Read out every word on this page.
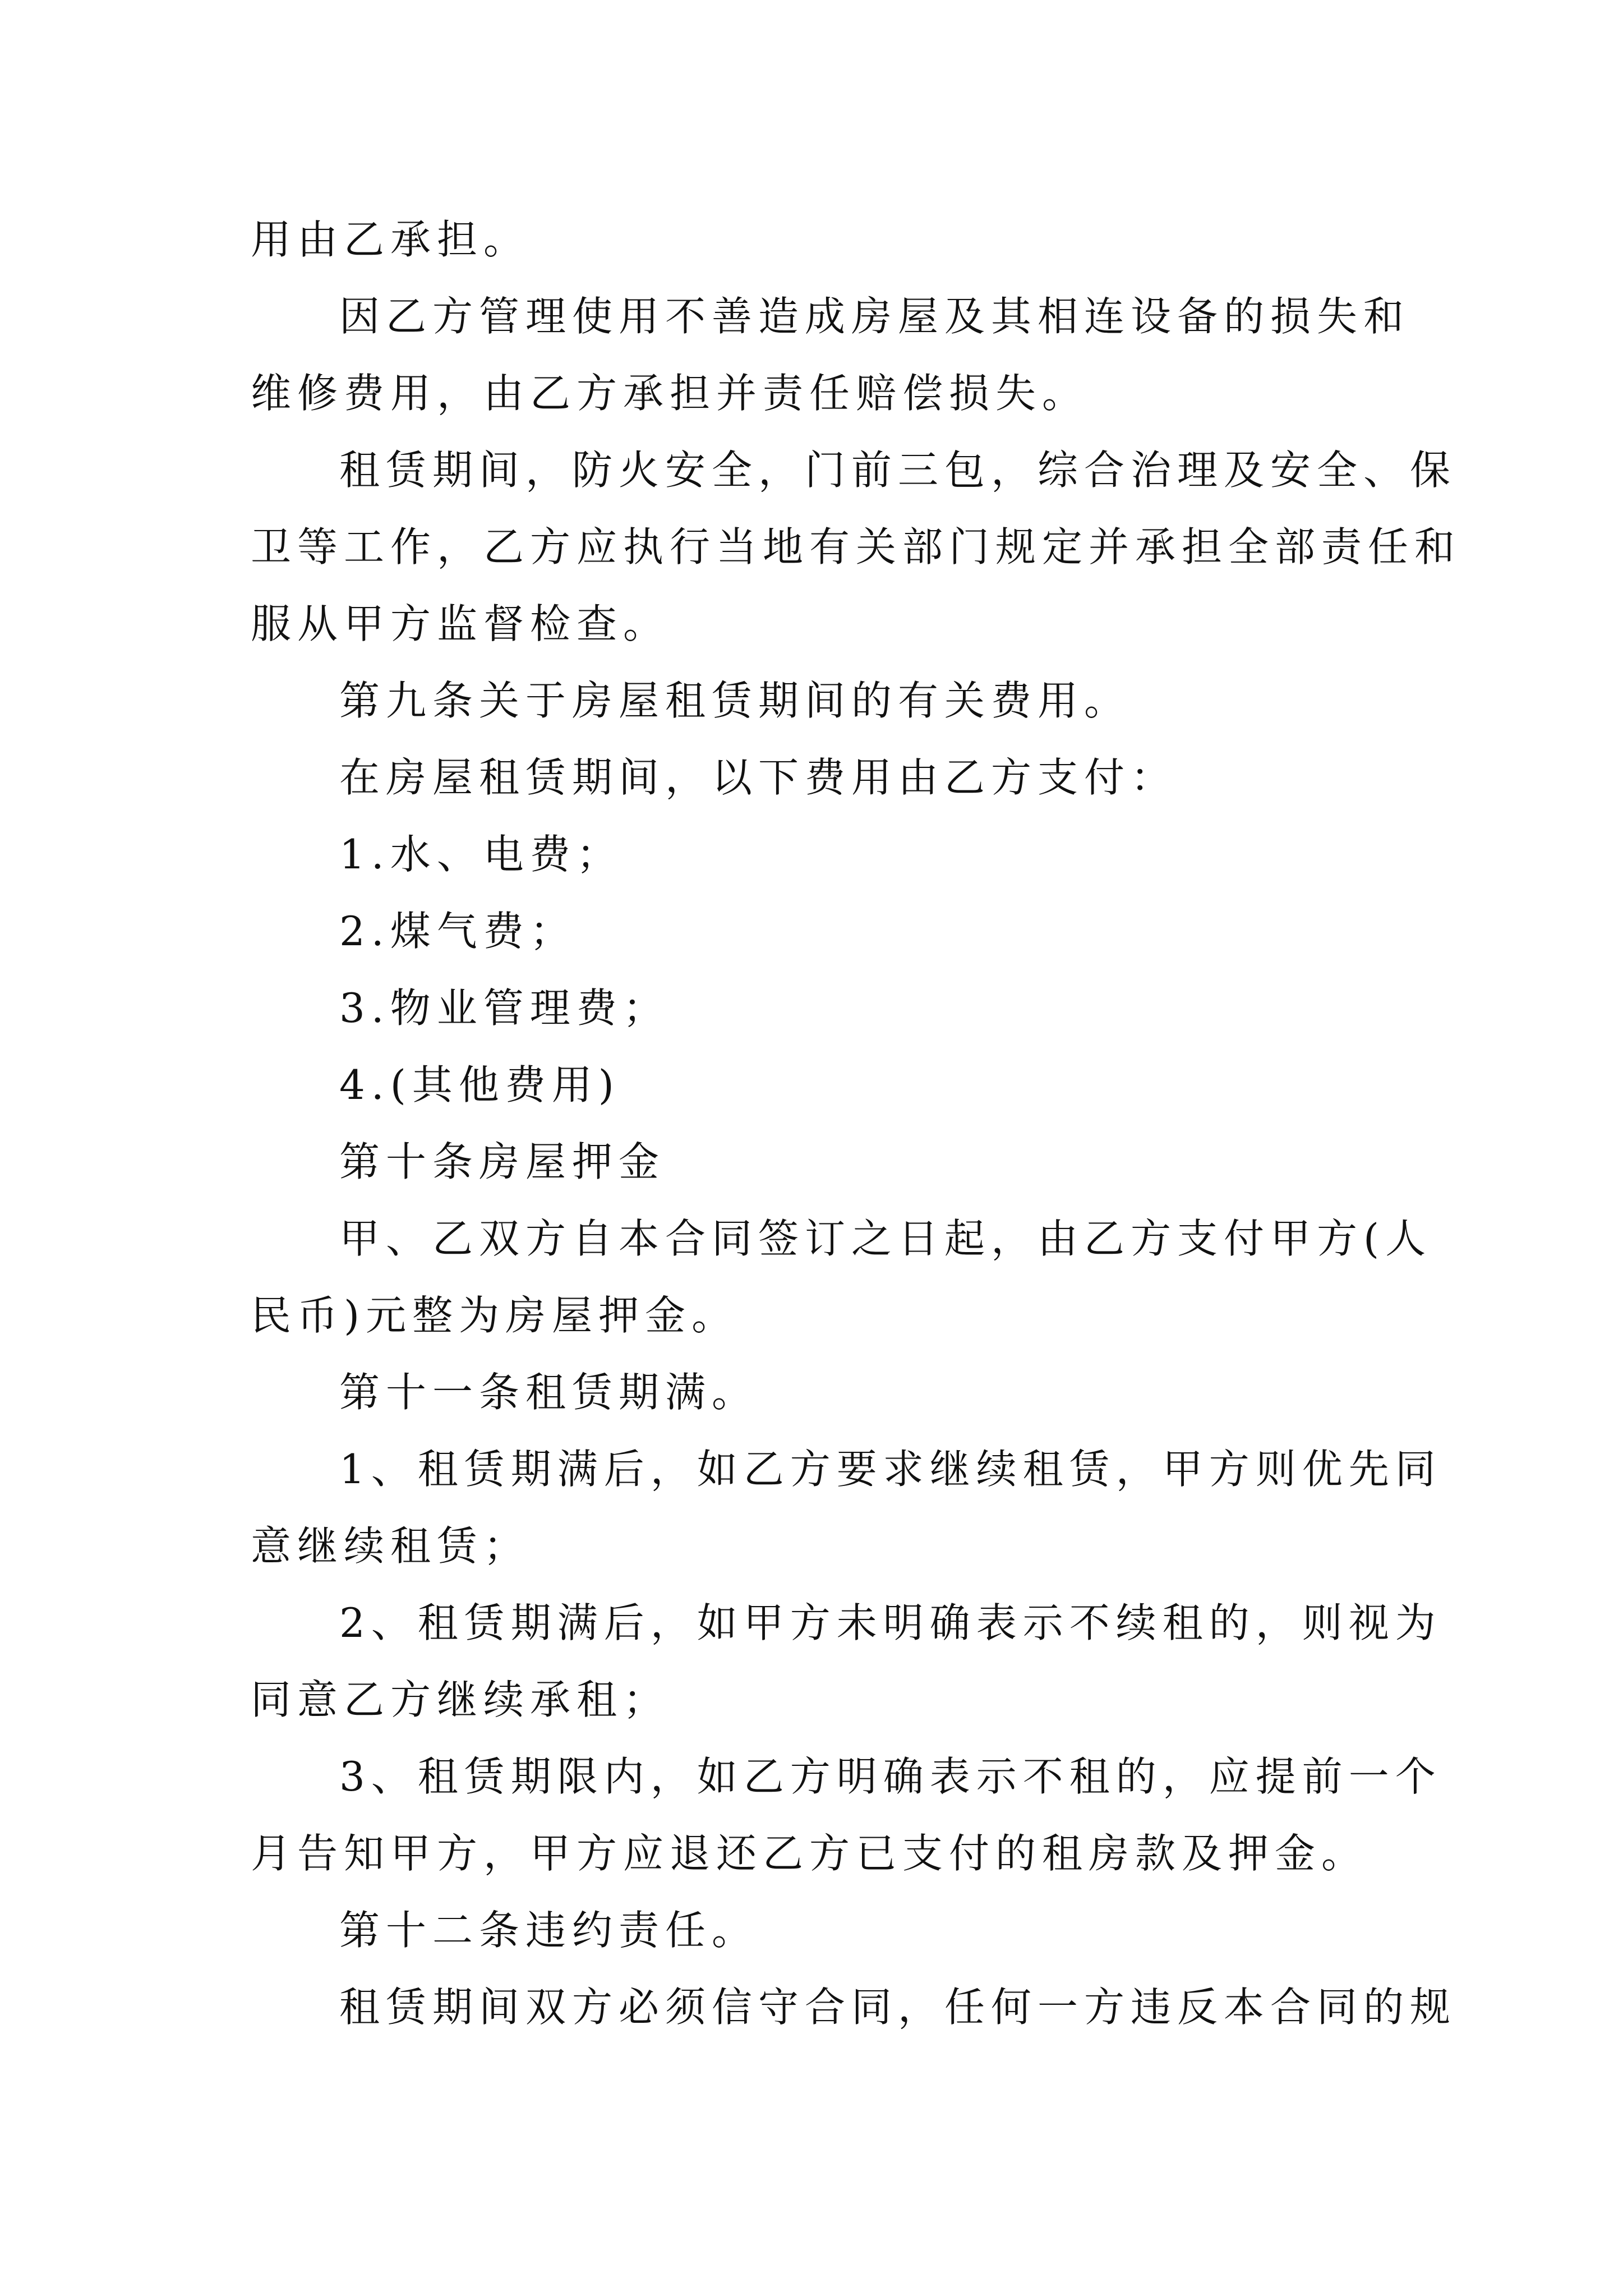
用由乙承担。
因乙方管理使用不善造成房屋及其相连设备的损失和
维修费用，由乙方承担并责任赔偿损失。
租赁期间，防火安全，门前三包，综合治理及安全、保
卫等工作，乙方应执行当地有关部门规定并承担全部责任和
服从甲方监督检查。
第九条关于房屋租赁期间的有关费用。
在房屋租赁期间，以下费用由乙方支付：
1.水、电费；
2.煤气费；
3.物业管理费；
4.(其他费用)
第十条房屋押金
甲、乙双方自本合同签订之日起，由乙方支付甲方(人
民币)元整为房屋押金。
第十一条租赁期满。
1、租赁期满后，如乙方要求继续租赁，甲方则优先同
意继续租赁；
2、租赁期满后，如甲方未明确表示不续租的，则视为
同意乙方继续承租；
3、租赁期限内，如乙方明确表示不租的，应提前一个
月告知甲方，甲方应退还乙方已支付的租房款及押金。
第十二条违约责任。
租赁期间双方必须信守合同，任何一方违反本合同的规
